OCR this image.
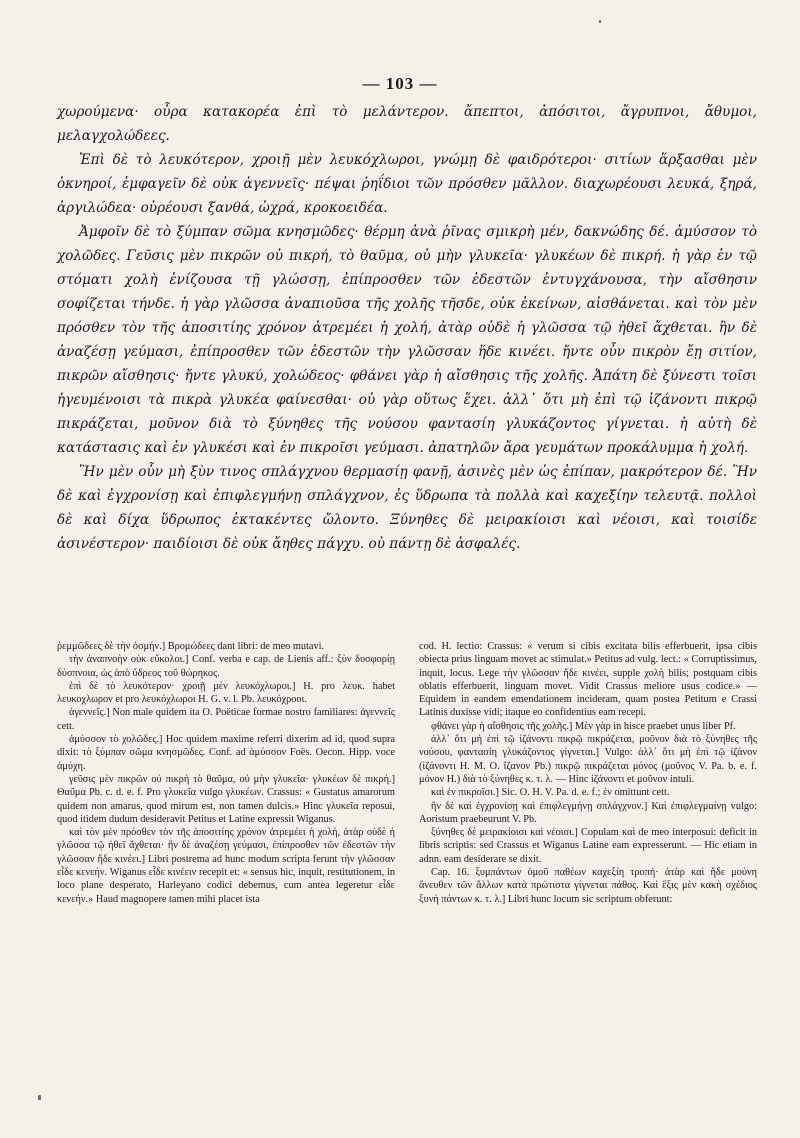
— 103 —

χωρούμενα· οὖρα κατακορέα ἐπὶ τὸ μελάντερον. ἄπεπτοι, ἀπόσιτοι, ἄγρυπνοι, ἄθυμοι, μελαγχολώδεες.

Ἐπὶ δὲ τὸ λευκότερον, χροιῇ μὲν λευκόχλωροι, γνώμῃ δὲ φαιδρότεροι· σιτίων ἅρξασθαι μὲν ὀκνηροί, ἐμφαγεῖν δὲ οὐκ ἀγεννεῖς· πέψαι ῥηΐδιοι τῶν πρόσθεν μᾶλλον. διαχωρέουσι λευκά, ξηρά, ἀργιλώδεα· οὐρέουσι ξανθά, ὠχρά, κροκοειδέα.

Ἀμφοῖν δὲ τὸ ξύμπαν σῶμα κνησμῶδες· θέρμη ἀνὰ ῥῖνας σμικρὴ μέν, δακνώδης δέ. ἀμύσσον τὸ χολῶδες. Γεῦσις μὲν πικρῶν οὐ πικρή, τὸ θαῦμα, οὐ μὴν γλυκεῖα· γλυκέων δὲ πικρή. ἡ γὰρ ἐν τῷ στόματι χολὴ ἐνίζουσα τῇ γλώσσῃ, ἐπίπροσθεν τῶν ἐδεστῶν ἐντυγχάνουσα, τὴν αἴσθησιν σοφίζεται τήνδε. ἡ γὰρ γλῶσσα ἀναπιοῦσα τῆς χολῆς τῆσδε, οὐκ ἐκείνων, αἰσθάνεται. καὶ τὸν μὲν πρόσθεν τὸν τῆς ἀποσιτίης χρόνον ἀτρεμέει ἡ χολή, ἀτὰρ οὐδὲ ἡ γλῶσσα τῷ ἠθεῖ ἄχθεται. ἢν δὲ ἀναζέσῃ γεύμασι, ἐπίπροσθεν τῶν ἐδεστῶν τὴν γλῶσσαν ἥδε κινέει. ἤντε οὖν πικρὸν ἔῃ σιτίον, πικρῶν αἴσθησις· ἤντε γλυκύ, χολώδεος· φθάνει γὰρ ἡ αἴσθησις τῆς χολῆς. Ἀπάτη δὲ ξύνεστι τοῖσι ἡγευμένοισι τὰ πικρὰ γλυκέα φαίνεσθαι· οὐ γὰρ οὕτως ἔχει. ἀλλ᾽ ὅτι μὴ ἐπὶ τῷ ἰζάνοντι πικρῷ πικράζεται, μοῦνον διὰ τὸ ξύνηθες τῆς νούσου φαντασίη γλυκάζοντος γίγνεται. ἡ αὐτὴ δὲ κατάστασις καὶ ἐν γλυκέσι καὶ ἐν πικροῖσι γεύμασι. ἀπατηλῶν ἄρα γευμάτων προκάλυμμα ἡ χολή.

Ἢν μὲν οὖν μὴ ξὺν τινος σπλάγχνου θερμασίῃ φανῇ, ἀσινὲς μὲν ὡς ἐπίπαν, μακρότερον δέ. Ἢν δὲ καὶ ἐγχρονίσῃ καὶ ἐπιφλεγμήνῃ σπλάγχνον, ἐς ὕδρωπα τὰ πολλὰ καὶ καχεξίην τελευτᾷ. πολλοὶ δὲ καὶ δίχα ὕδρωπος ἐκτακέντες ὤλοντο. Ξύνηθες δὲ μειρακίοισι καὶ νέοισι, καὶ τοισίδε ἀσινέστερον· παιδίοισι δὲ οὐκ ἄηθες πάγχυ. οὐ πάντῃ δὲ ἀσφαλές.

ῥεμμῶδεες δὲ τὴν ὀσμήν.] Βρομώδεες dant libri: de meo mutavi.

τὴν ἀναπνοὴν οὐκ εὔκολοι.] Conf. verba e cap. de Lienis aff.: ξὺν δυσφορίῃ δύσπνοια, ὡς ἀπὸ ὕδρεος τοῦ θώρηκος.

ἐπὶ δὲ τὸ λευκότερον· χροιῇ μὲν λευκόχλωροι.] H. pro λευκ. habet λευκοχλωρον et pro λευκόχλωροι H. G. v. l. Pb. λευκόχροοι.

ἀγεννεῖς.] Non male quidem ita O. Poëticae formae nostro familiares: ἀγεννεῖς cett.

ἀμύσσον τὸ χολῶδες.] Hoc quidem maxime referri dixerim ad id, quod supra dixit: τὸ ξύμπαν σῶμα κνησμῶδες. Conf. ad ἀμύσσον Foës. Oecon. Hipp. voce ἀμύχη.

γεῦσις μὲν πικρῶν οὐ πικρή τὸ θαῦμα, οὐ μὴν γλυκεῖα· γλυκέων δὲ πικρή.] Θαῦμα Pb. c. d. e. f. Pro γλυκεῖα vulgo γλυκέων. Crassus: « Gustatus amarorum quidem non amarus, quod mirum est, non tamen dulcis.» Hinc γλυκεῖα reposui, quod itidem dudum desideravit Petitus et Latine expressit Wiganus.

καὶ τὸν μὲν πρόσθεν τὸν τῆς ἀποσιτίης χρόνον ἀτρεμέει ἡ χολή, ἀτὰρ οὐδὲ ἡ γλῶσσα τῷ ἠθεῖ ἄχθεται· ἢν δὲ ἀναζέσῃ γεύμασι, ἐπίπροσθεν τῶν ἐδεστῶν τὴν γλῶσσαν ἥδε κινέει.] Libri postrema ad hunc modum scripta ferunt τὴν γλῶσσαν εἶδε κενεήν. Wiganus εἶδε κινέειν recepit et: « sensus hic, inquit, restitutionem, in loco plane desperato, Harleyano codici debemus, cum antea legeretur εἶδε κενεήν.» Haud magnopere tamen mihi placet ista

cod. H. lectio: Crassus: « verum si cibis excitata bilis efferbuerit, ipsa cibis obiecta prius linguam movet ac stimulat.» Petitus ad vulg. lect.: « Corruptissimus, inquit, locus. Lege τὴν γλῶσσαν ἥδε κινέει, supple χολὴ bilis; postquam cibis oblatis efferbuerit, linguam movet. Vidit Crassus meliore usus codice.» — Equidem in eandem emendationem incideram, quam postea Petitum e Crassi Latinis duxisse vidi; itaque eo confidentius eam recepi.

φθάνει γὰρ ἡ αἴσθησις τῆς χολῆς.] Μὲν γὰρ in hisce praebet unus liber Pf.

ἀλλ᾽ ὅτι μὴ ἐπὶ τῷ ἰζάνοντι πικρῷ πικράζεται, μοῦνον διὰ τὸ ξύνηθες τῆς νούσου, φαντασίη γλυκάζοντος γίγνεται.] Vulgo: ἀλλ᾽ ὅτι μὴ ἐπὶ τῷ ἰζάνον (ἰζάνοντι H. M. O. ἴζανον Pb.) πικρῷ πικράζεται μόνος (μοῦνος V. Pa. b. e. f. μόνον H.) διὰ τὸ ξύνηθες κ. τ. λ. — Hinc ἰζάνοντι et μοῦνον intuli.

καὶ ἐν πικροῖσι.] Sic. O. H. V. Pa. d. e. f.; ἐν omittunt cett.

ἢν δὲ καὶ ἐγχρονίσῃ καὶ ἐπιφλεγμήνῃ σπλάγχνον.] Καὶ ἐπιφλεγμαίνῃ vulgo: Aoristum praebeurunt V. Pb.

ξύνηθες δὲ μειρακίοισι καὶ νέοισι.] Copulam καὶ de meo interposui: deficit in libris scriptis: sed Crassus et Wiganus Latine eam expresserunt. — Hic etiam in adnn. eam desiderare se dixit.

Cap. 16. ξυμπάντων ὁμοῦ παθέων καχεξίη τροπή· ἀτὰρ καὶ ἥδε μούνη ἄνευθεν τῶν ἄλλων κατὰ πρώτιστα γίγνεται πάθος. Καὶ ἕξις μὲν κακὴ σχέδιος ξυνὴ πάντων κ. τ. λ.] Libri hunc locum sic scriptum obferunt:
